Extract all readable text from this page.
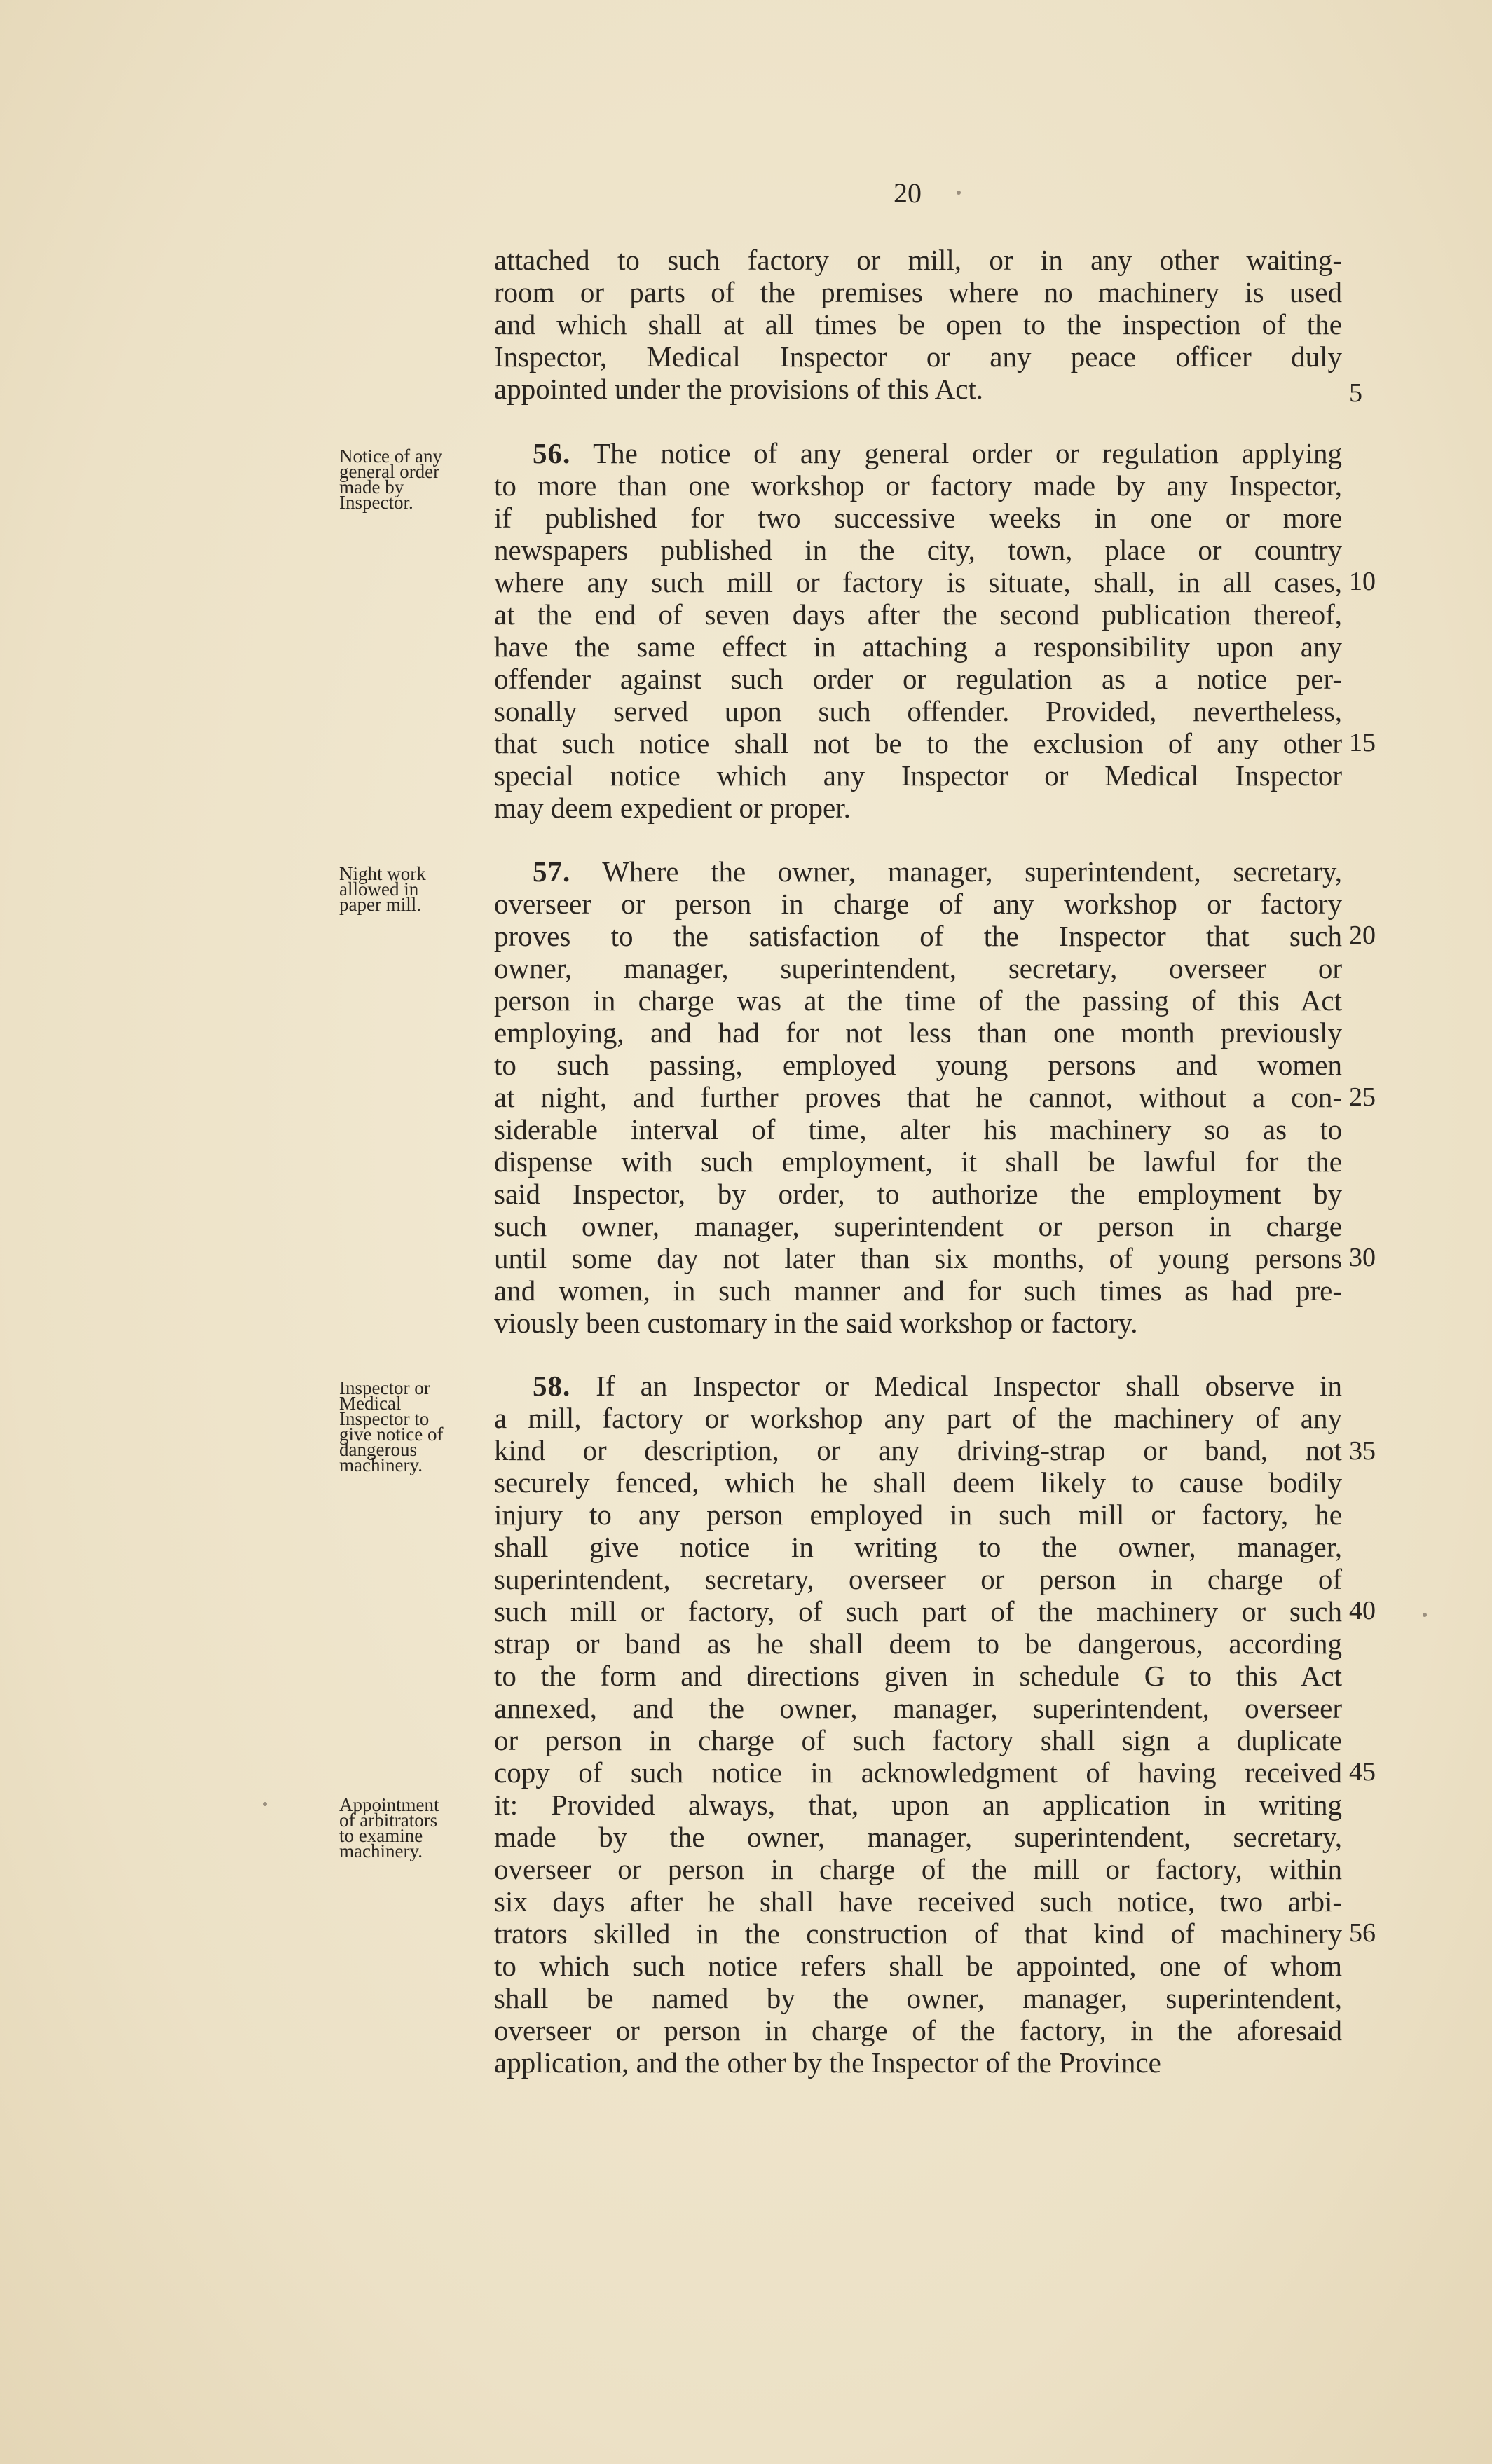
20
attached to such factory or mill, or in any other waiting-
room or parts of the premises where no machinery is used
and which shall at all times be open to the inspection of the
Inspector, Medical Inspector or any peace officer duly
appointed under the provisions of this Act.
56. The notice of any general order or regulation applying
to more than one workshop or factory made by any Inspector,
if published for two successive weeks in one or more
newspapers published in the city, town, place or country
where any such mill or factory is situate, shall, in all cases,
at the end of seven days after the second publication thereof,
have the same effect in attaching a responsibility upon any
offender against such order or regulation as a notice per-
sonally served upon such offender. Provided, nevertheless,
that such notice shall not be to the exclusion of any other
special notice which any Inspector or Medical Inspector
may deem expedient or proper.
57. Where the owner, manager, superintendent, secretary,
overseer or person in charge of any workshop or factory
proves to the satisfaction of the Inspector that such
owner, manager, superintendent, secretary, overseer or
person in charge was at the time of the passing of this Act
employing, and had for not less than one month previously
to such passing, employed young persons and women
at night, and further proves that he cannot, without a con-
siderable interval of time, alter his machinery so as to
dispense with such employment, it shall be lawful for the
said Inspector, by order, to authorize the employment by
such owner, manager, superintendent or person in charge
until some day not later than six months, of young persons
and women, in such manner and for such times as had pre-
viously been customary in the said workshop or factory.
58. If an Inspector or Medical Inspector shall observe in
a mill, factory or workshop any part of the machinery of any
kind or description, or any driving-strap or band, not
securely fenced, which he shall deem likely to cause bodily
injury to any person employed in such mill or factory, he
shall give notice in writing to the owner, manager,
superintendent, secretary, overseer or person in charge of
such mill or factory, of such part of the machinery or such
strap or band as he shall deem to be dangerous, according
to the form and directions given in schedule G to this Act
annexed, and the owner, manager, superintendent, overseer
or person in charge of such factory shall sign a duplicate
copy of such notice in acknowledgment of having received
it: Provided always, that, upon an application in writing
made by the owner, manager, superintendent, secretary,
overseer or person in charge of the mill or factory, within
six days after he shall have received such notice, two arbi-
trators skilled in the construction of that kind of machinery
to which such notice refers shall be appointed, one of whom
shall be named by the owner, manager, superintendent,
overseer or person in charge of the factory, in the aforesaid
application, and the other by the Inspector of the Province
5
10
15
20
25
30
35
40
45
56
Notice of any
general order
made by
Inspector.
Night work
allowed in
paper mill.
Inspector or
Medical
Inspector to
give notice of
dangerous
machinery.
Appointment
of arbitrators
to examine
machinery.
